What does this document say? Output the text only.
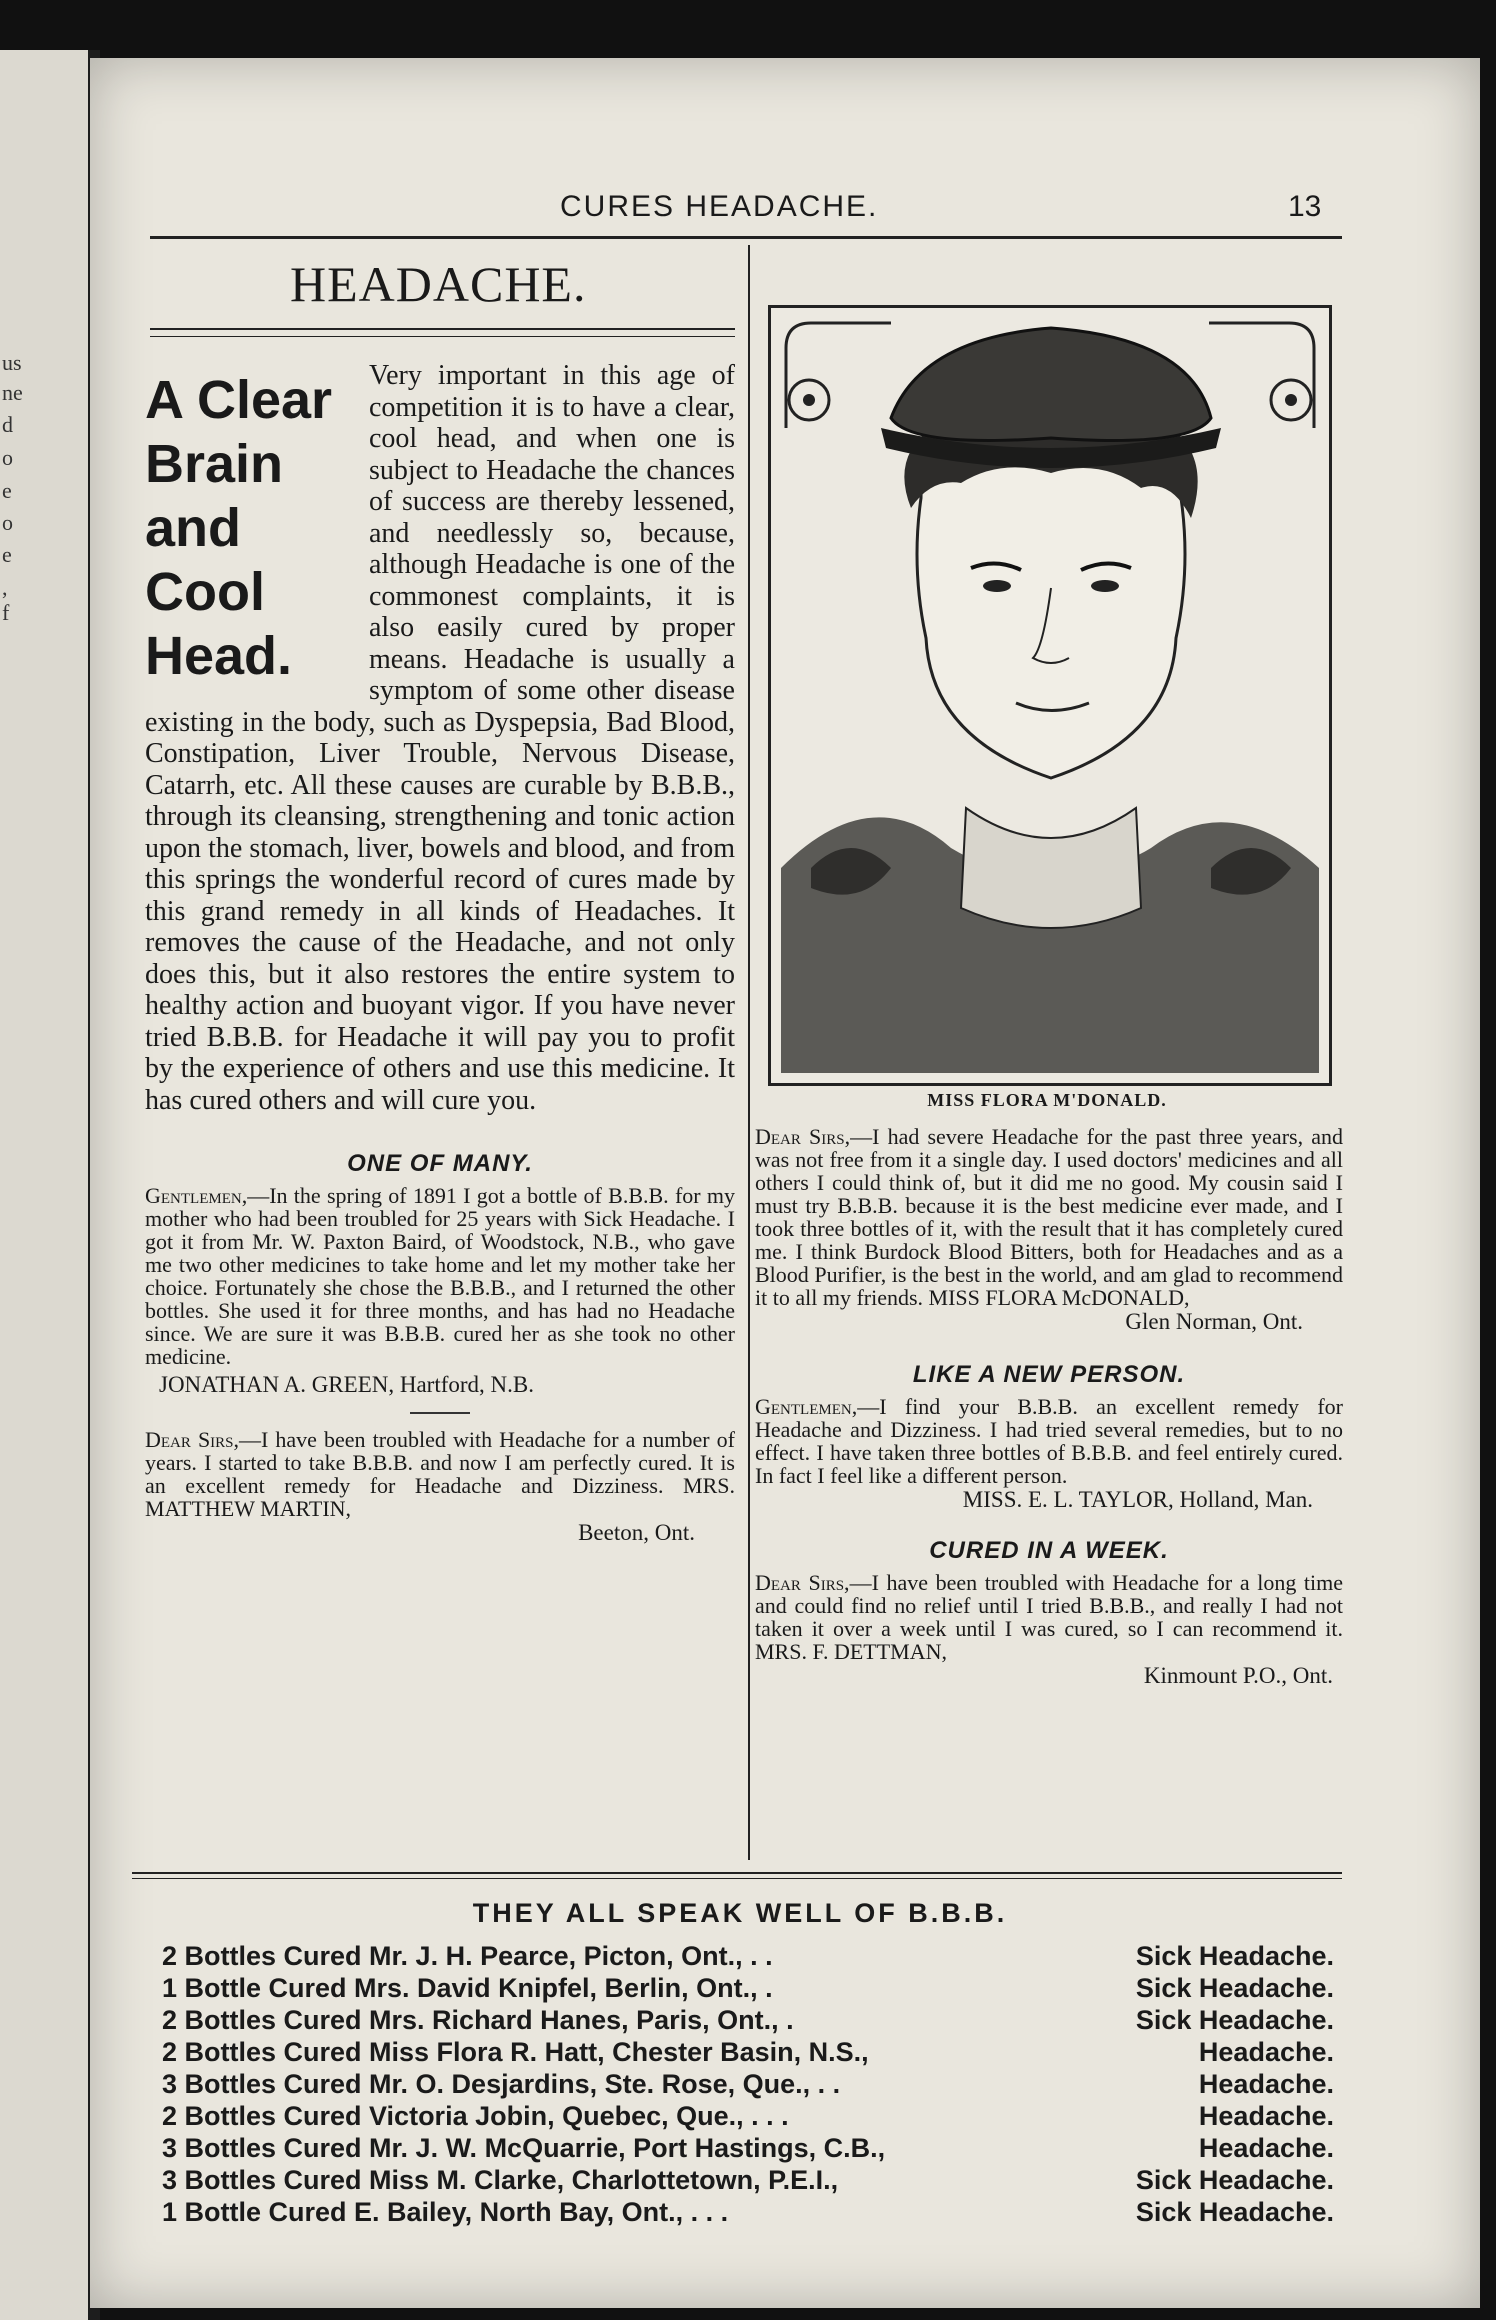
us
ne
d
o
e
o
e
,
f
CURES HEADACHE.	13
HEADACHE.
A Clear
Brain
and
Cool
Head.

Very important in this age of competition it is to have a clear, cool head, and when one is subject to Headache the chances of success are thereby lessened, and needlessly so, because, although Headache is one of the commonest complaints, it is also easily cured by proper means. Headache is usually a symptom of some other disease existing in the body, such as Dyspepsia, Bad Blood, Constipation, Liver Trouble, Nervous Disease, Catarrh, etc. All these causes are curable by B.B.B., through its cleansing, strengthening and tonic action upon the stomach, liver, bowels and blood, and from this springs the wonderful record of cures made by this grand remedy in all kinds of Headaches. It removes the cause of the Headache, and not only does this, but it also restores the entire system to healthy action and buoyant vigor. If you have never tried B.B.B. for Headache it will pay you to profit by the experience of others and use this medicine. It has cured others and will cure you.

ONE OF MANY.

Gentlemen,—In the spring of 1891 I got a bottle of B.B.B. for my mother who had been troubled for 25 years with Sick Headache. I got it from Mr. W. Paxton Baird, of Woodstock, N.B., who gave me two other medicines to take home and let my mother take her choice. Fortunately she chose the B.B.B., and I returned the other bottles. She used it for three months, and has had no Headache since. We are sure it was B.B.B. cured her as she took no other medicine.

JONATHAN A. GREEN, Hartford, N.B.

Dear Sirs,—I have been troubled with Headache for a number of years. I started to take B.B.B. and now I am perfectly cured. It is an excellent remedy for Headache and Dizziness. MRS. MATTHEW MARTIN,

Beeton, Ont.

MISS FLORA M'DONALD.

Dear Sirs,—I had severe Headache for the past three years, and was not free from it a single day. I used doctors' medicines and all others I could think of, but it did me no good. My cousin said I must try B.B.B. because it is the best medicine ever made, and I took three bottles of it, with the result that it has completely cured me. I think Burdock Blood Bitters, both for Headaches and as a Blood Purifier, is the best in the world, and am glad to recommend it to all my friends. MISS FLORA McDONALD,

Glen Norman, Ont.

LIKE A NEW PERSON.

Gentlemen,—I find your B.B.B. an excellent remedy for Headache and Dizziness. I had tried several remedies, but to no effect. I have taken three bottles of B.B.B. and feel entirely cured. In fact I feel like a different person.

MISS. E. L. TAYLOR, Holland, Man.

CURED IN A WEEK.

Dear Sirs,—I have been troubled with Headache for a long time and could find no relief until I tried B.B.B., and really I had not taken it over a week until I was cured, so I can recommend it. MRS. F. DETTMAN,

Kinmount P.O., Ont.

THEY ALL SPEAK WELL OF B.B.B.
2 Bottles Cured Mr. J. H. Pearce, Picton, Ont., . .	Sick Headache.
1 Bottle Cured Mrs. David Knipfel, Berlin, Ont., .	Sick Headache.
2 Bottles Cured Mrs. Richard Hanes, Paris, Ont., .	Sick Headache.
2 Bottles Cured Miss Flora R. Hatt, Chester Basin, N.S.,	Headache.
3 Bottles Cured Mr. O. Desjardins, Ste. Rose, Que., . .	Headache.
2 Bottles Cured Victoria Jobin, Quebec, Que., . . .	Headache.
3 Bottles Cured Mr. J. W. McQuarrie, Port Hastings, C.B.,	Headache.
3 Bottles Cured Miss M. Clarke, Charlottetown, P.E.I.,	Sick Headache.
1 Bottle Cured E. Bailey, North Bay, Ont., . . .	Sick Headache.
